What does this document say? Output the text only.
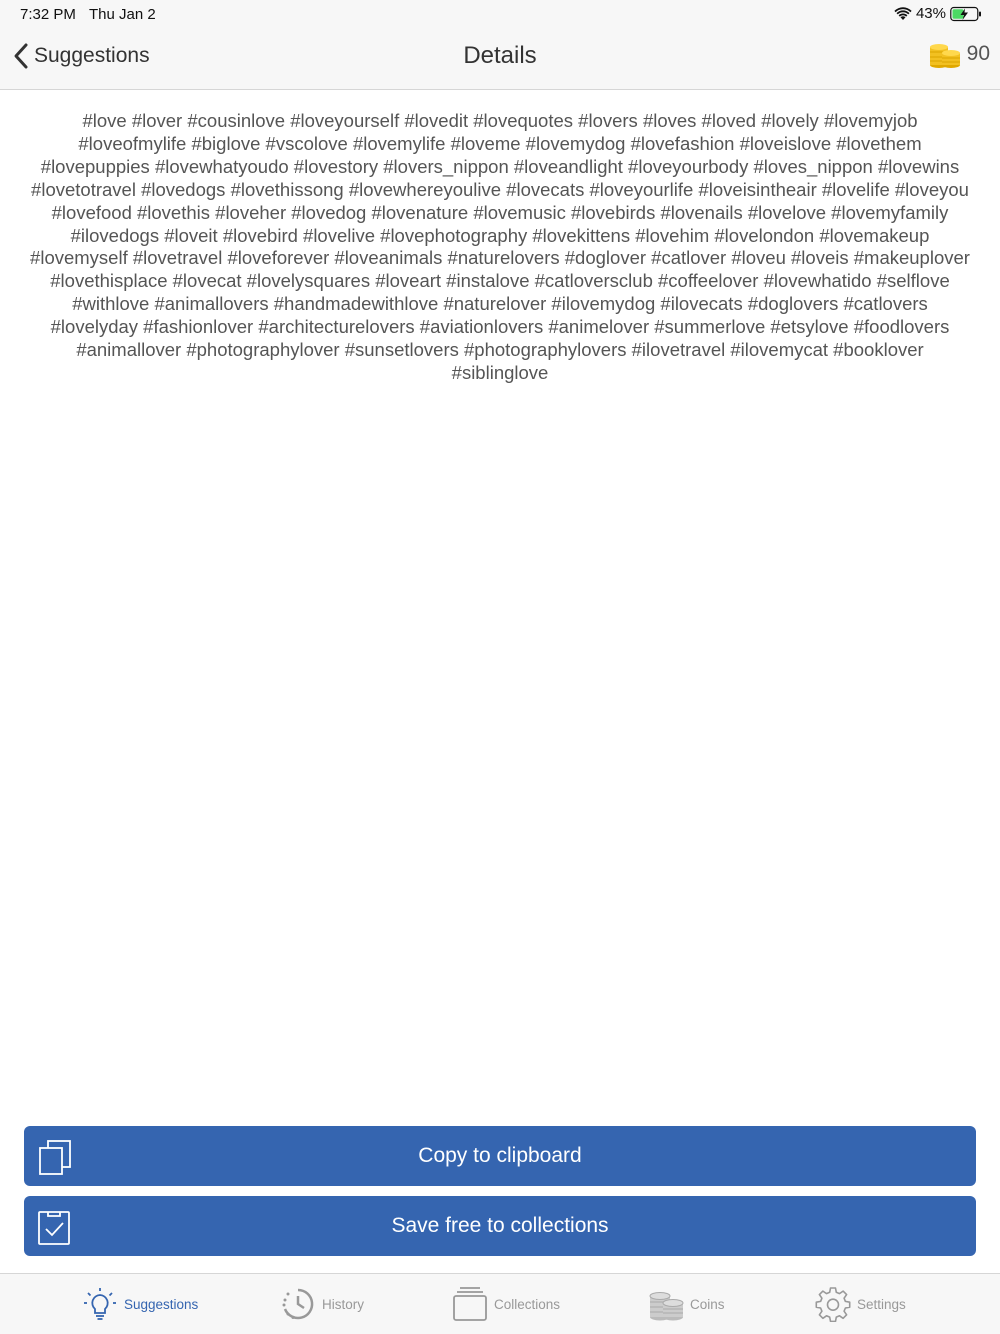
7:32 PM Thu Jan 2	43%
Suggestions	Details	90
#love #lover #cousinlove #loveyourself #lovedit #lovequotes #lovers #loves #loved #lovely #lovemyjob #loveofmylife #biglove #vscolove #lovemylife #loveme #lovemydog #lovefashion #loveislove #lovethem #lovepuppies #lovewhatyoudo #lovestory #lovers_nippon #loveandlight #loveyourbody #loves_nippon #lovewins #lovetotravel #lovedogs #lovethissong #lovewhereyoulive #lovecats #loveyourlife #loveisintheair #lovelife #loveyou #lovefood #lovethis #loveher #lovedog #lovenature #lovemusic #lovebirds #lovenails #lovelove #lovemyfamily #ilovedogs #loveit #lovebird #lovelive #lovephotography #lovekittens #lovehim #lovelondon #lovemakeup #lovemyself #lovetravel #loveforever #loveanimals #naturelovers #doglover #catlover #loveu #loveis #makeuplover #lovethisplace #lovecat #lovelysquares #loveart #instalove #catloversclub #coffeelover #lovewhatido #selflove #withlove #animallovers #handmadewithlove #naturelover #ilovemydog #ilovecats #doglovers #catlovers #lovelyday #fashionlover #architecturelovers #aviationlovers #animelover #summerlove #etsylove #foodlovers #animallover #photographylover #sunsetlovers #photographylovers #ilovetravel #ilovemycat #booklover #siblinglove
Copy to clipboard
Save free to collections
Suggestions	History	Collections	Coins	Settings
